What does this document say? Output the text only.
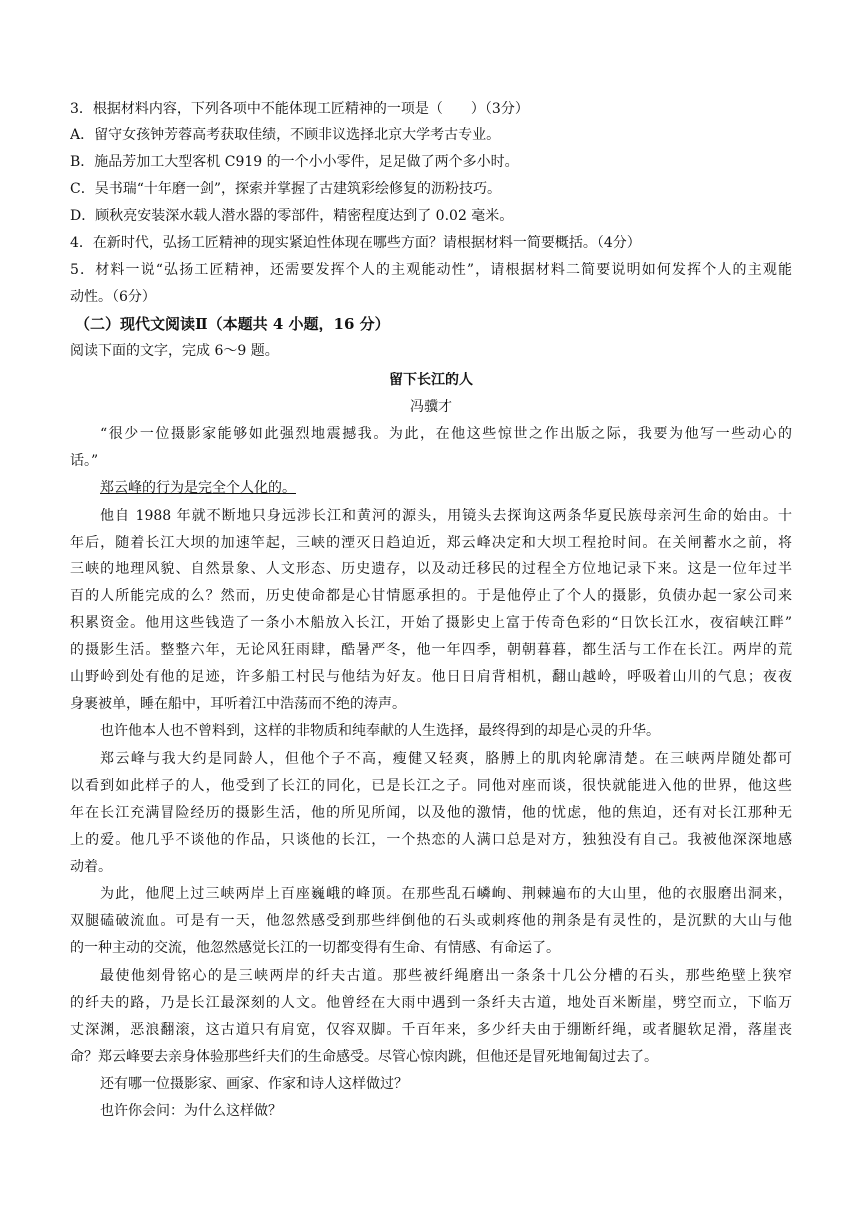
3．根据材料内容，下列各项中不能体现工匠精神的一项是（　　）（3分）
A．留守女孩钟芳蓉高考获取佳绩，不顾非议选择北京大学考古专业。
B．施品芳加工大型客机 C919 的一个小小零件，足足做了两个多小时。
C．吴书瑞“十年磨一剑”，探索并掌握了古建筑彩绘修复的沥粉技巧。
D．顾秋亮安装深水载人潜水器的零部件，精密程度达到了 0.02 毫米。
4．在新时代，弘扬工匠精神的现实紧迫性体现在哪些方面？请根据材料一简要概括。（4分）
5．材料一说“弘扬工匠精神，还需要发挥个人的主观能动性”，请根据材料二简要说明如何发挥个人的主观能
动性。（6分）
（二）现代文阅读Ⅱ（本题共 4 小题，16 分）
阅读下面的文字，完成 6～9 题。
留下长江的人
冯骥才
“很少一位摄影家能够如此强烈地震撼我。为此，在他这些惊世之作出版之际，我要为他写一些动心的
话。”
郑云峰的行为是完全个人化的。
他自 1988 年就不断地只身远涉长江和黄河的源头，用镜头去探询这两条华夏民族母亲河生命的始由。十
年后，随着长江大坝的加速竿起，三峡的湮灭日趋迫近，郑云峰决定和大坝工程抢时间。在关闸蓄水之前，将
三峡的地理风貌、自然景象、人文形态、历史遗存，以及动迁移民的过程全方位地记录下来。这是一位年过半
百的人所能完成的么？然而，历史使命都是心甘情愿承担的。于是他停止了个人的摄影，负债办起一家公司来
积累资金。他用这些钱造了一条小木船放入长江，开始了摄影史上富于传奇色彩的“日饮长江水，夜宿峡江畔”
的摄影生活。整整六年，无论风狂雨肆，酷暑严冬，他一年四季，朝朝暮暮，都生活与工作在长江。两岸的荒
山野岭到处有他的足迹，许多船工村民与他结为好友。他日日肩背相机，翻山越岭，呼吸着山川的气息；夜夜
身裹被单，睡在船中，耳听着江中浩荡而不绝的涛声。
也许他本人也不曾料到，这样的非物质和纯奉献的人生选择，最终得到的却是心灵的升华。
郑云峰与我大约是同龄人，但他个子不高，瘦健又轻爽，胳膊上的肌肉轮廓清楚。在三峡两岸随处都可
以看到如此样子的人，他受到了长江的同化，已是长江之子。同他对座而谈，很快就能进入他的世界，他这些
年在长江充满冒险经历的摄影生活，他的所见所闻，以及他的激情，他的忧虑，他的焦迫，还有对长江那种无
上的爱。他几乎不谈他的作品，只谈他的长江，一个热恋的人满口总是对方，独独没有自己。我被他深深地感
动着。
为此，他爬上过三峡两岸上百座巍峨的峰顶。在那些乱石嶙峋、荆棘遍布的大山里，他的衣服磨出洞来，
双腿磕破流血。可是有一天，他忽然感受到那些绊倒他的石头或刺疼他的荆条是有灵性的，是沉默的大山与他
的一种主动的交流，他忽然感觉长江的一切都变得有生命、有情感、有命运了。
最使他刻骨铭心的是三峡两岸的纤夫古道。那些被纤绳磨出一条条十几公分槽的石头，那些绝壁上狭窄
的纤夫的路，乃是长江最深刻的人文。他曾经在大雨中遇到一条纤夫古道，地处百米断崖，劈空而立，下临万
丈深渊，恶浪翻滚，这古道只有肩宽，仅容双脚。千百年来，多少纤夫由于绷断纤绳，或者腿软足滑，落崖丧
命？郑云峰要去亲身体验那些纤夫们的生命感受。尽管心惊肉跳，但他还是冒死地匍匐过去了。
还有哪一位摄影家、画家、作家和诗人这样做过？
也许你会问：为什么这样做？
